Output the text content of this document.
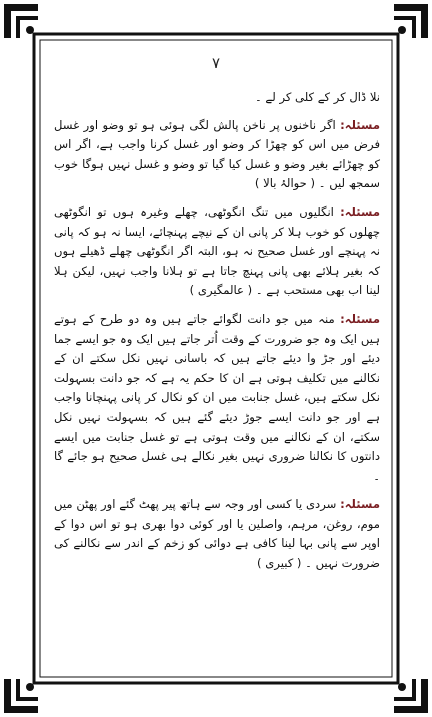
۷

نلا ڈال کر کے کلی کر لے ۔

مسئلہ: اگر ناخنوں پر ناخن پالش لگی ہوئی ہو تو وضو اور غسل فرض میں اس کو چھڑا کر وضو اور غسل کرنا واجب ہے، اگر اس کو چھڑائے بغیر وضو و غسل کیا گیا تو وضو و غسل نہیں ہوگا خوب سمجھ لیں ۔ ( حوالۂ بالا )

مسئلہ: انگلیوں میں تنگ انگوٹھی، چھلے وغیرہ ہوں تو انگوٹھی چھلوں کو خوب ہلا کر پانی ان کے نیچے پہنچائے، ایسا نہ ہو کہ پانی نہ پہنچے اور غسل صحیح نہ ہو، البتہ اگر انگوٹھی چھلے ڈھیلے ہوں کہ بغیر ہلائے بھی پانی پہنچ جاتا ہے تو ہلانا واجب نہیں، لیکن ہلا لینا اب بھی مستحب ہے ۔ ( عالمگیری )

مسئلہ: منہ میں جو دانت لگوائے جاتے ہیں وہ دو طرح کے ہوتے ہیں ایک وہ جو ضرورت کے وقت اُتر جاتے ہیں ایک وہ جو ایسے جما دیئے اور جڑ وا دیئے جاتے ہیں کہ باسانی نہیں نکل سکتے ان کے نکالنے میں تکلیف ہوتی ہے ان کا حکم یہ ہے کہ جو دانت بسہولت نکل سکتے ہیں، غسل جنابت میں ان کو نکال کر پانی پہنچانا واجب ہے اور جو دانت ایسے جوڑ دیئے گئے ہیں کہ بسہولت نہیں نکل سکتے، ان کے نکالنے میں وقت ہوتی ہے تو غسل جنابت میں ایسے دانتوں کا نکالنا ضروری نہیں بغیر نکالے ہی غسل صحیح ہو جائے گا ۔

مسئلہ: سردی یا کسی اور وجہ سے ہاتھ پیر پھٹ گئے اور پھٹن میں موم، روغن، مرہم، واصلین یا اور کوئی دوا بھری ہو تو اس دوا کے اوپر سے پانی بہا لینا کافی ہے دوائی کو زخم کے اندر سے نکالنے کی ضرورت نہیں ۔ ( کبیری )
